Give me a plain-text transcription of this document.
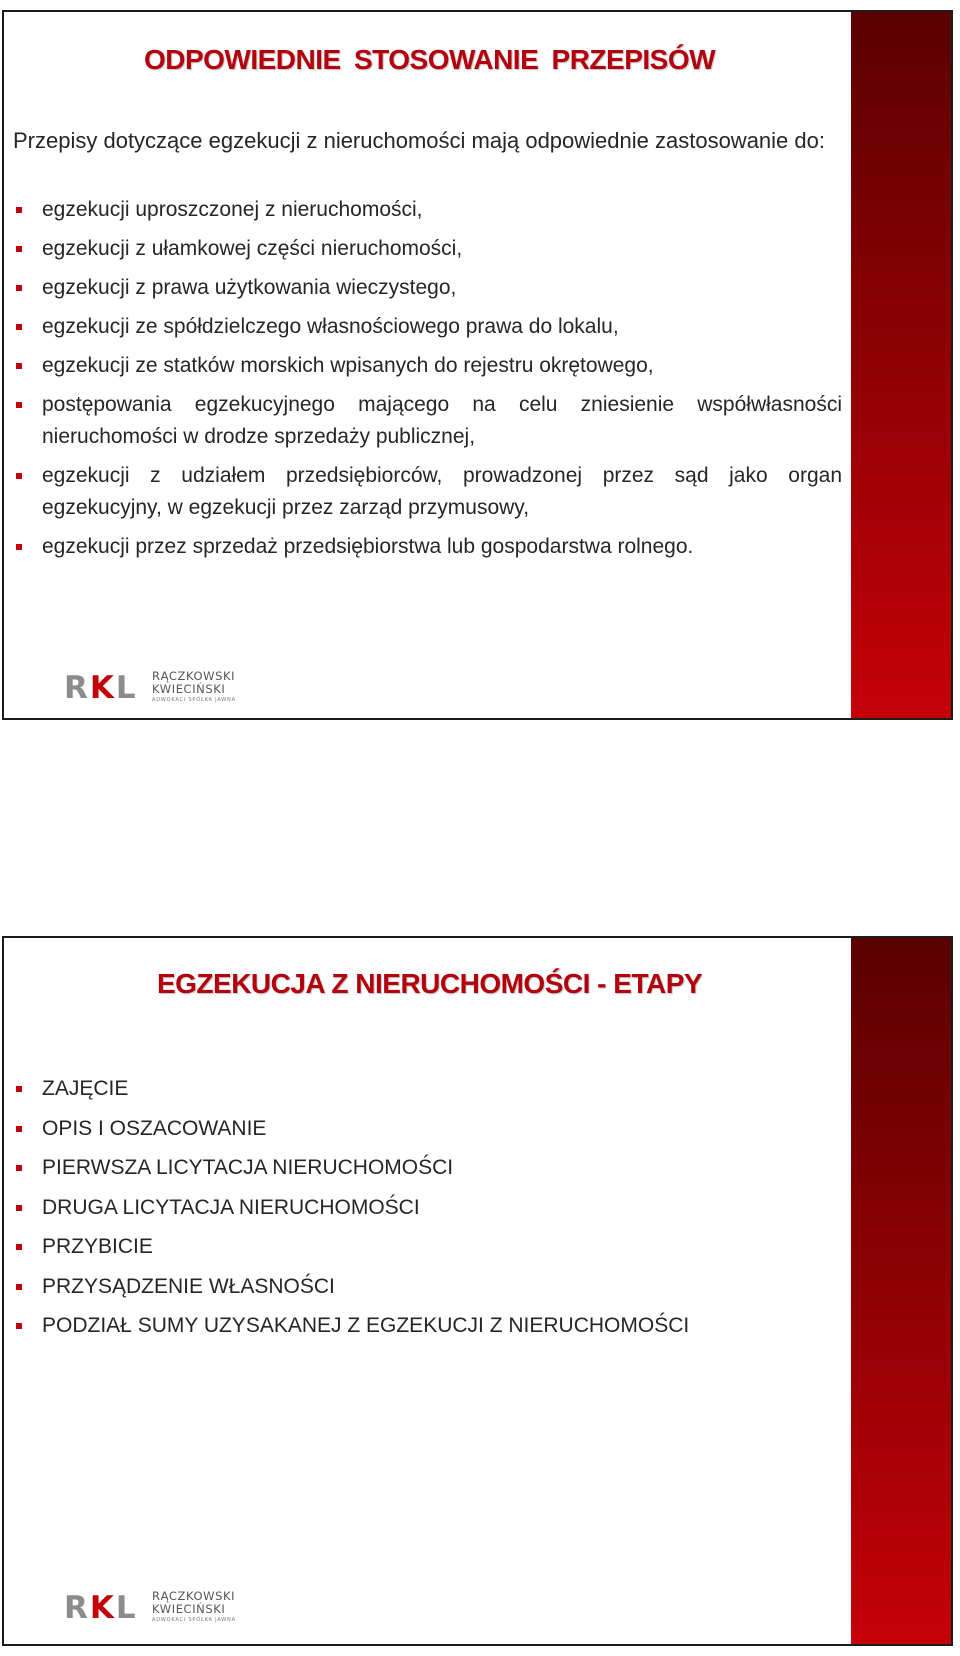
ODPOWIEDNIE STOSOWANIE PRZEPISÓW
Przepisy dotyczące egzekucji z nieruchomości mają odpowiednie zastosowanie do:
egzekucji uproszczonej z nieruchomości,
egzekucji z ułamkowej części nieruchomości,
egzekucji z prawa użytkowania wieczystego,
egzekucji ze spółdzielczego własnościowego prawa do lokalu,
egzekucji ze statków morskich wpisanych do rejestru okrętowego,
postępowania egzekucyjnego mającego na celu zniesienie współwłasności nieruchomości w drodze sprzedaży publicznej,
egzekucji z udziałem przedsiębiorców, prowadzonej przez sąd jako organ egzekucyjny, w egzekucji przez zarząd przymusowy,
egzekucji przez sprzedaż przedsiębiorstwa lub gospodarstwa rolnego.
RKL RĄCZKOWSKI
KWIECIŃSKI
ADWOKACI SPÓŁKA JAWNA
EGZEKUCJA Z NIERUCHOMOŚCI - ETAPY
ZAJĘCIE
OPIS I OSZACOWANIE
PIERWSZA LICYTACJA NIERUCHOMOŚCI
DRUGA LICYTACJA NIERUCHOMOŚCI
PRZYBICIE
PRZYSĄDZENIE WŁASNOŚCI
PODZIAŁ SUMY UZYSAKANEJ Z EGZEKUCJI Z NIERUCHOMOŚCI
RKL RĄCZKOWSKI
KWIECIŃSKI
ADWOKACI SPÓŁKA JAWNA
